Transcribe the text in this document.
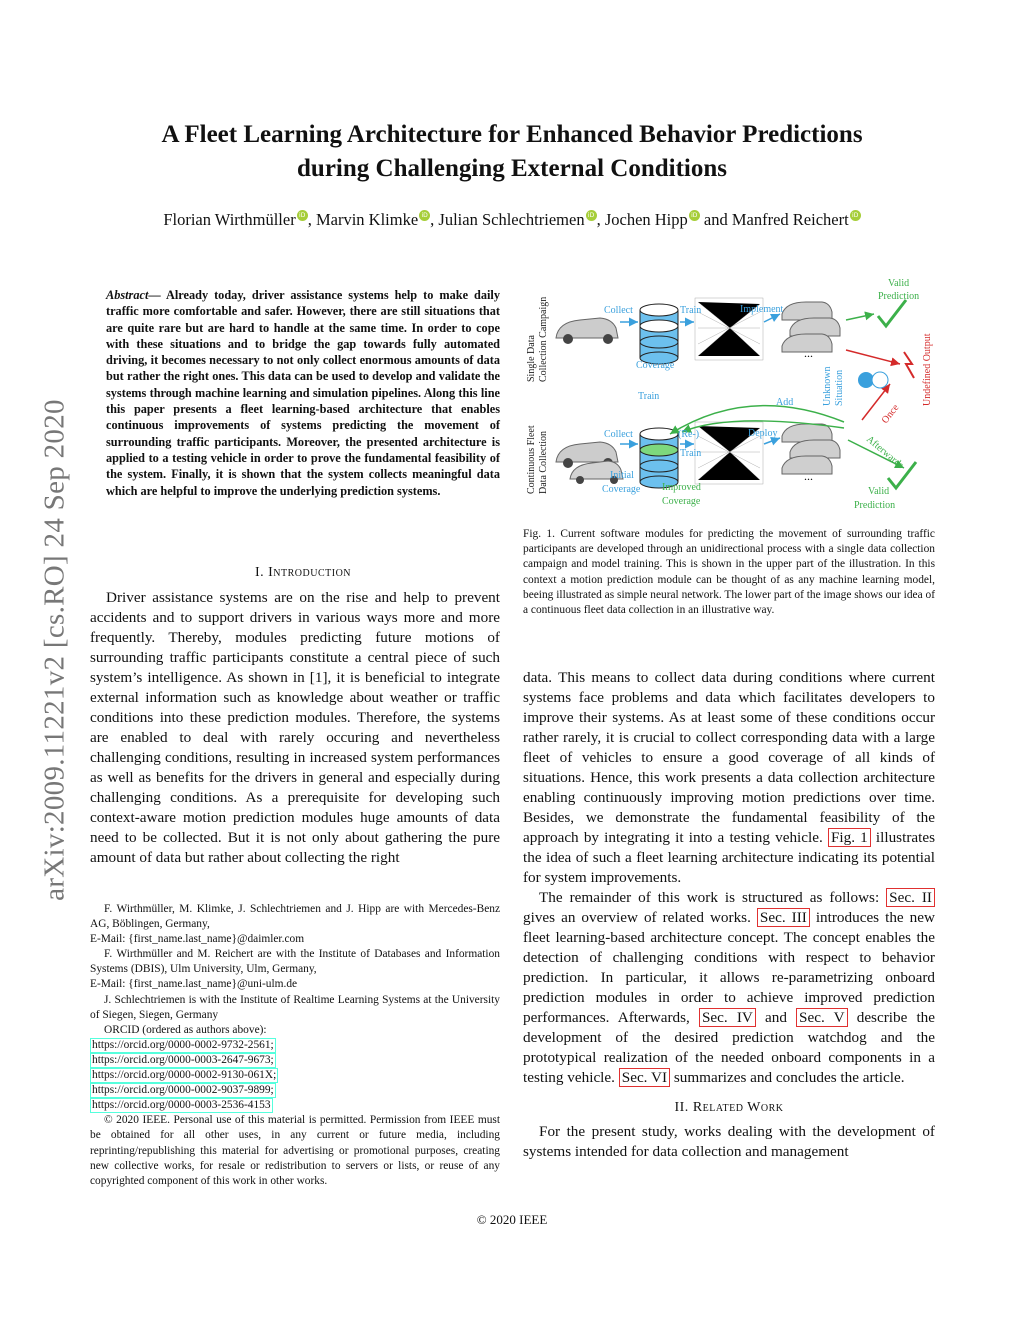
A Fleet Learning Architecture for Enhanced Behavior Predictions
during Challenging External Conditions
Florian Wirthmüller iD , Marvin Klimke iD , Julian Schlechtriemen iD , Jochen Hipp iD and Manfred Reichert iD
arXiv:2009.11221v2 [cs.RO] 24 Sep 2020
Abstract— Already today, driver assistance systems help to make daily traffic more comfortable and safer. However, there are still situations that are quite rare but are hard to handle at the same time. In order to cope with these situations and to bridge the gap towards fully automated driving, it becomes necessary to not only collect enormous amounts of data but rather the right ones. This data can be used to develop and validate the systems through machine learning and simulation pipelines. Along this line this paper presents a fleet learning-based architecture that enables continuous improvements of systems predicting the movement of surrounding traffic participants. Moreover, the presented architecture is applied to a testing vehicle in order to prove the fundamental feasibility of the system. Finally, it is shown that the system collects meaningful data which are helpful to improve the underlying prediction systems.
I. Introduction

Driver assistance systems are on the rise and help to prevent accidents and to support drivers in various ways more and more frequently. Thereby, modules predicting future motions of surrounding traffic participants constitute a central piece of such system’s intelligence. As shown in [1], it is beneficial to integrate external information such as knowledge about weather or traffic conditions into these prediction modules. Therefore, the systems are enabled to deal with rarely occuring and nevertheless challenging conditions, resulting in increased system performances as well as benefits for the drivers in general and especially during challenging conditions. As a prerequisite for developing such context-aware motion prediction modules huge amounts of data need to be collected. But it is not only about gathering the pure amount of data but rather about collecting the right

F. Wirthmüller, M. Klimke, J. Schlechtriemen and J. Hipp are with Mercedes-Benz AG, Böblingen, Germany,

E-Mail: {first_name.last_name}@daimler.com

F. Wirthmüller and M. Reichert are with the Institute of Databases and Information Systems (DBIS), Ulm University, Ulm, Germany,

E-Mail: {first_name.last_name}@uni-ulm.de

J. Schlechtriemen is with the Institute of Realtime Learning Systems at the University of Siegen, Siegen, Germany

ORCID (ordered as authors above):

https://orcid.org/0000-0002-9732-2561;
https://orcid.org/0000-0003-2647-9673;
https://orcid.org/0000-0002-9130-061X;
https://orcid.org/0000-0002-9037-9899;
https://orcid.org/0000-0003-2536-4153

© 2020 IEEE. Personal use of this material is permitted. Permission from IEEE must be obtained for all other uses, in any current or future media, including reprinting/republishing this material for advertising or promotional purposes, creating new collective works, for resale or redistribution to servers or lists, or reuse of any copyrighted component of this work in other works.

Single Data Collection Campaign
Continuous Fleet Data Collection
...
...
Collect	Train	Implement
Coverage
Train
Valid
Prediction
Undefined Output
Once
Unknown Situation
Add
Collect	(Re-)
Train
Deploy
Initial
Coverage Improved
Coverage
Afterwards
Valid
Prediction
Fig. 1. Current software modules for predicting the movement of surrounding traffic participants are developed through an unidirectional process with a single data collection campaign and model training. This is shown in the upper part of the illustration. In this context a motion prediction module can be thought of as any machine learning model, beeing illustrated as simple neural network. The lower part of the image shows our idea of a continuous fleet data collection in an illustrative way.

data. This means to collect data during conditions where current systems face problems and data which facilitates developers to improve their systems. As at least some of these conditions occur rather rarely, it is crucial to collect corresponding data with a large fleet of vehicles to ensure a good coverage of all kinds of situations. Hence, this work presents a data collection architecture enabling continuously improving motion predictions over time. Besides, we demonstrate the fundamental feasibility of the approach by integrating it into a testing vehicle. Fig. 1 illustrates the idea of such a fleet learning architecture indicating its potential for system improvements.

The remainder of this work is structured as follows: Sec. II gives an overview of related works. Sec. III introduces the new fleet learning-based architecture concept. The concept enables the detection of challenging conditions with respect to behavior prediction. In particular, it allows re-parametrizing onboard prediction modules in order to achieve improved prediction performances. Afterwards, Sec. IV and Sec. V describe the development of the desired prediction watchdog and the prototypical realization of the needed onboard components in a testing vehicle. Sec. VI summarizes and concludes the article.

II. Related Work

For the present study, works dealing with the development of systems intended for data collection and management

© 2020 IEEE
